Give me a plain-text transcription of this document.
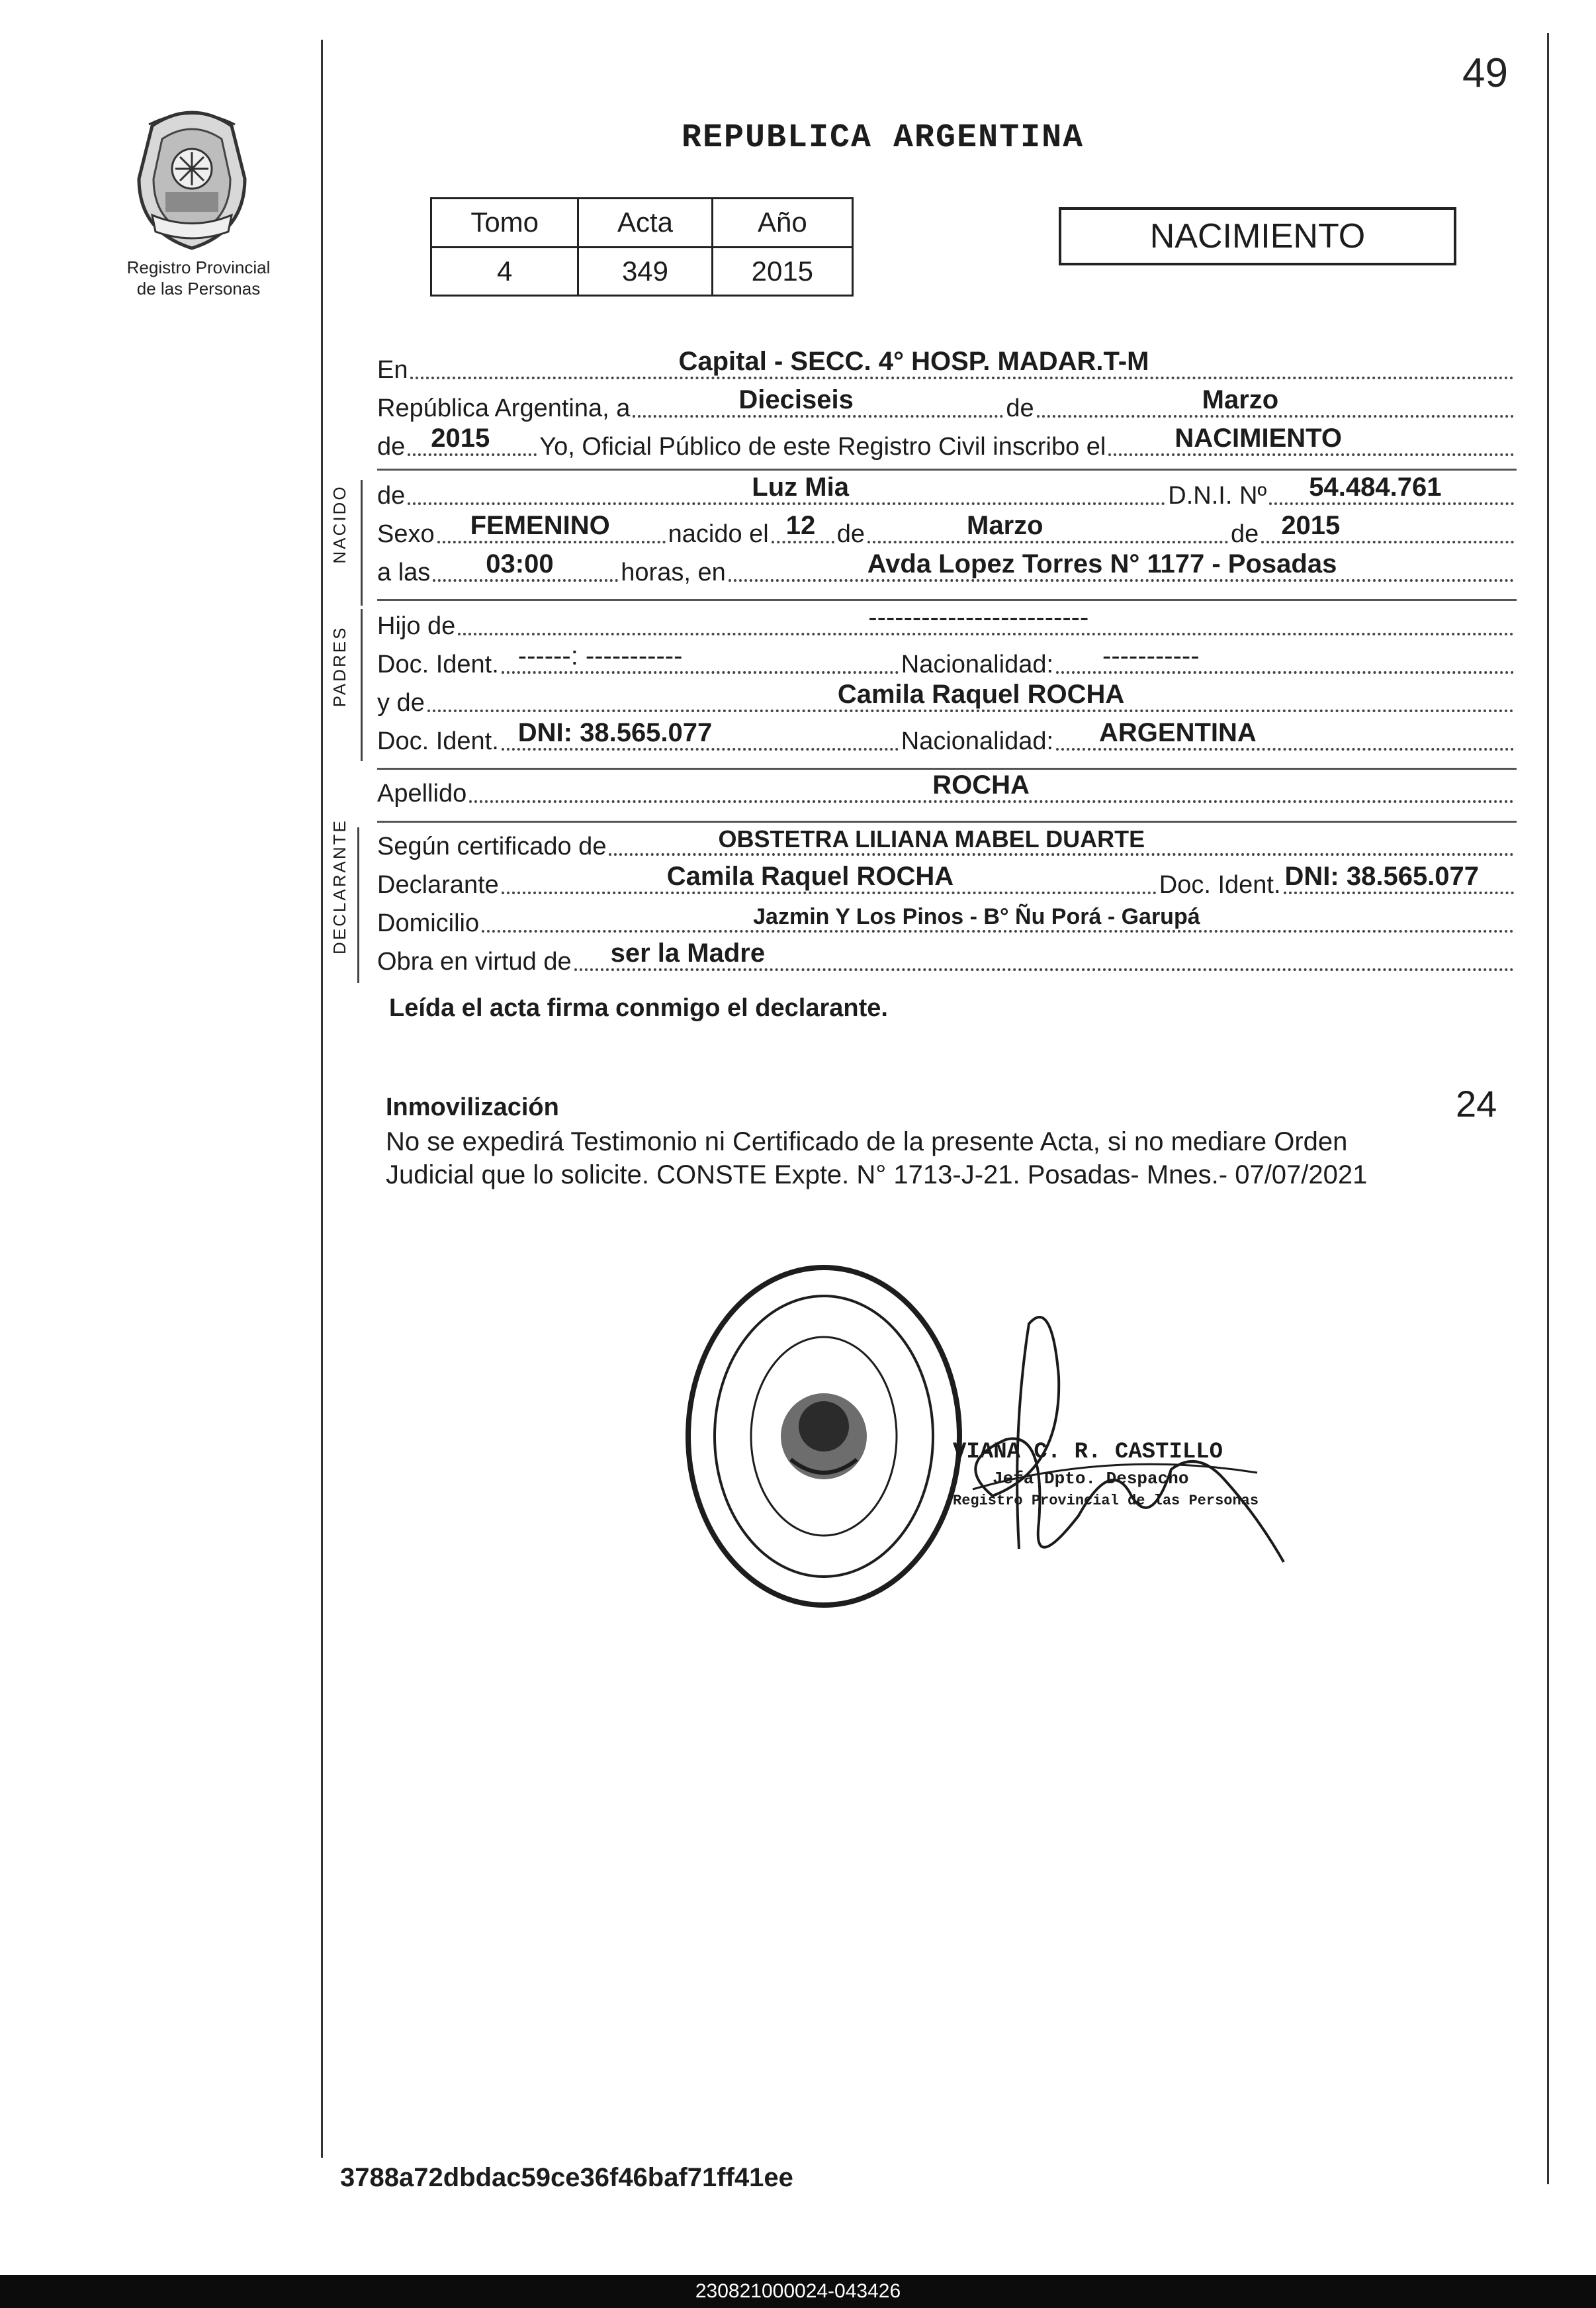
49
Registro Provincial
de las Personas
REPUBLICA ARGENTINA
Tomo	Acta	Año
4	349	2015
NACIMIENTO
En	Capital - SECC. 4° HOSP. MADAR.T-M
República Argentina, a	Dieciseis	de	Marzo
de 2015 Yo, Oficial Público de este Registro Civil inscribo el	NACIMIENTO
NACIDO de	Luz Mia	D.N.I. Nº 54.484.761
Sexo FEMENINO nacido el 12 de	Marzo	de 2015
a las 03:00	horas, en	Avda Lopez Torres N° 1177 - Posadas
PADRES Hijo de	-------------------------
Doc. Ident. ------: -----------	Nacionalidad: -----------
y de	Camila Raquel ROCHA
Doc. Ident. DNI: 38.565.077	Nacionalidad: ARGENTINA
Apellido	ROCHA
DECLARANTE Según certificado de	OBSTETRA LILIANA MABEL DUARTE
Declarante	Camila Raquel ROCHA	Doc. Ident. DNI: 38.565.077
Domicilio	Jazmin Y Los Pinos - B° Ñu Porá - Garupá
Obra en virtud de ser la Madre
Leída el acta firma conmigo el declarante.
Inmovilización	24
No se expedirá Testimonio ni Certificado de la presente Acta, si no mediare Orden
Judicial que lo solicite. CONSTE Expte. N° 1713-J-21. Posadas- Mnes.- 07/07/2021
VIANA C. R. CASTILLO
Jefa Dpto. Despacho
Registro Provincial de las Personas
3788a72dbdac59ce36f46baf71ff41ee
230821000024-043426
